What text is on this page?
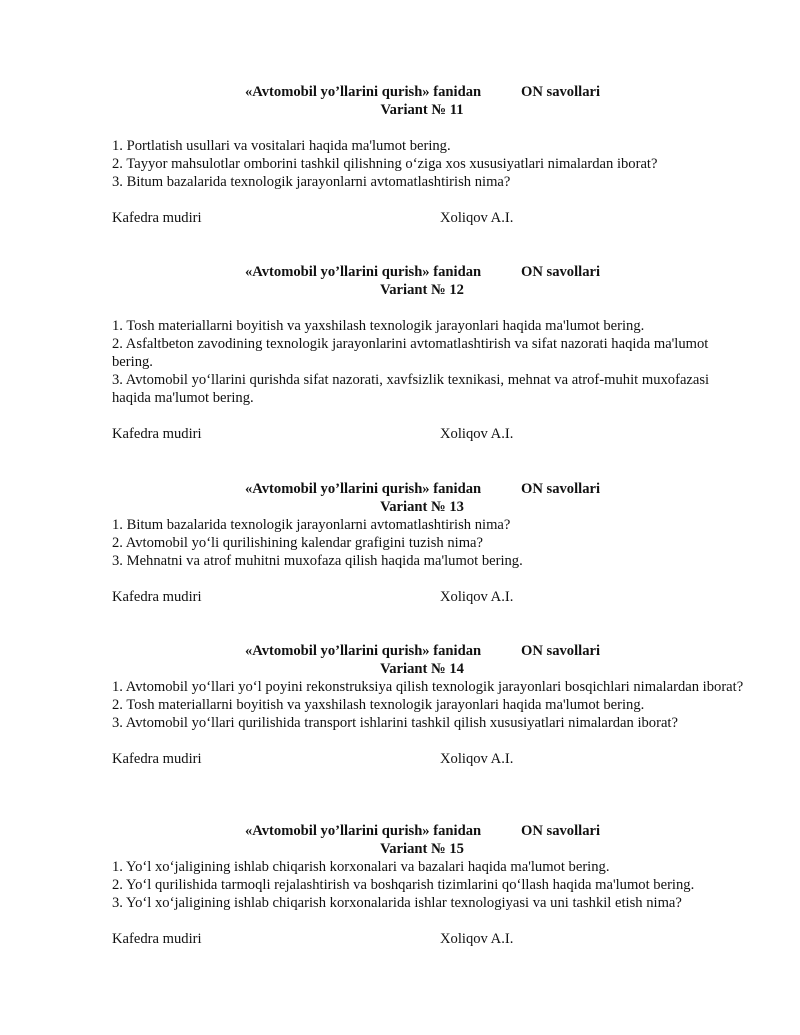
«Avtomobil yo’llarini qurish» fanidan	ON savollari
Variant № 11

1. Portlatish usullari va vositalari haqida ma'lumot bering.

2. Tayyor mahsulotlar omborini tashkil qilishning o‘ziga xos xususiyatlari nimalardan iborat?

3. Bitum bazalarida texnologik jarayonlarni avtomatlashtirish nima?

Kafedra mudiri	Xoliqov A.I.
«Avtomobil yo’llarini qurish» fanidan	ON savollari
Variant № 12

1. Tosh materiallarni boyitish va yaxshilash texnologik jarayonlari haqida ma'lumot bering.

2. Asfaltbeton zavodining texnologik jarayonlarini avtomatlashtirish va sifat nazorati haqida ma'lumot bering.

3. Avtomobil yo‘llarini qurishda sifat nazorati, xavfsizlik texnikasi, mehnat va atrof-muhit muxofazasi haqida ma'lumot bering.

Kafedra mudiri	Xoliqov A.I.
«Avtomobil yo’llarini qurish» fanidan	ON savollari
Variant № 13

1. Bitum bazalarida texnologik jarayonlarni avtomatlashtirish nima?

2. Avtomobil yo‘li qurilishining kalendar grafigini tuzish nima?

3. Mehnatni va atrof muhitni muxofaza qilish haqida ma'lumot bering.

Kafedra mudiri	Xoliqov A.I.
«Avtomobil yo’llarini qurish» fanidan	ON savollari
Variant № 14

1. Avtomobil yo‘llari yo‘l poyini rekonstruksiya qilish texnologik jarayonlari bosqichlari nimalardan iborat?

2. Tosh materiallarni boyitish va yaxshilash texnologik jarayonlari haqida ma'lumot bering.

3. Avtomobil yo‘llari qurilishida transport ishlarini tashkil qilish xususiyatlari nimalardan iborat?

Kafedra mudiri	Xoliqov A.I.
«Avtomobil yo’llarini qurish» fanidan	ON savollari
Variant № 15

1. Yo‘l xo‘jaligining ishlab chiqarish korxonalari va bazalari haqida ma'lumot bering.

2. Yo‘l qurilishida tarmoqli rejalashtirish va boshqarish tizimlarini qo‘llash haqida ma'lumot bering.

3. Yo‘l xo‘jaligining ishlab chiqarish korxonalarida ishlar texnologiyasi va uni tashkil etish nima?

Kafedra mudiri	Xoliqov A.I.
